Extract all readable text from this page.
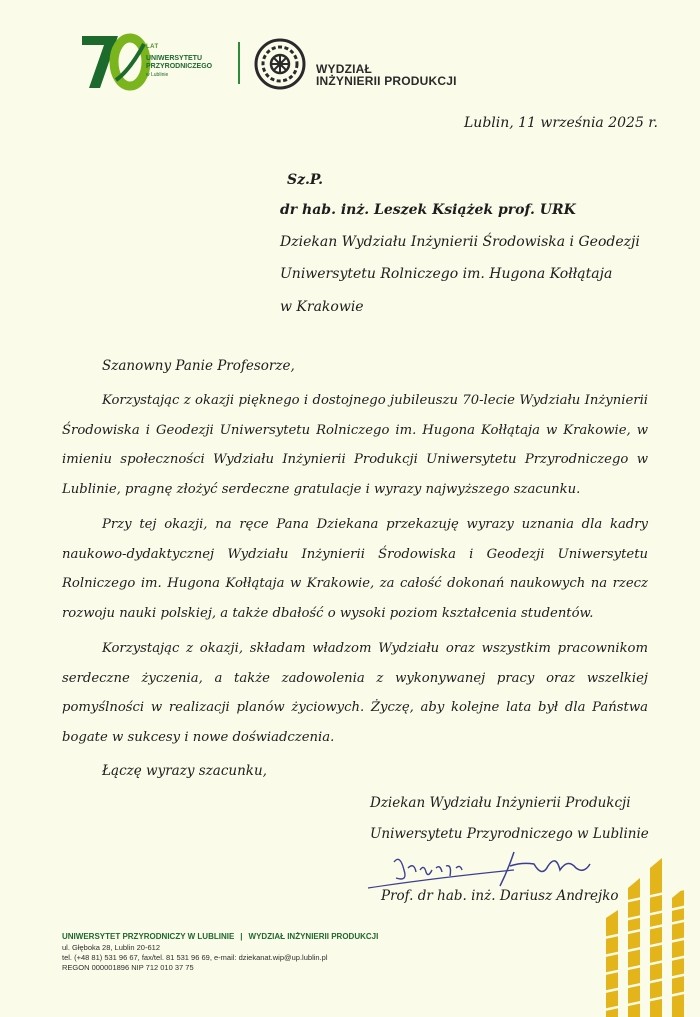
LAT
UNIWERSYTETU
PRZYRODNICZEGO
w Lublinie	WYDZIAŁ
INŻYNIERII PRODUKCJI
Lublin, 11 września 2025 r.
Sz.P.
dr hab. inż. Leszek Książek prof. URK
Dziekan Wydziału Inżynierii Środowiska i Geodezji
Uniwersytetu Rolniczego im. Hugona Kołłątaja
w Krakowie
Szanowny Panie Profesorze,
Korzystając z okazji pięknego i dostojnego jubileuszu 70-lecie Wydziału Inżynierii Środowiska i Geodezji Uniwersytetu Rolniczego im. Hugona Kołłątaja w Krakowie, w imieniu społeczności Wydziału Inżynierii Produkcji Uniwersytetu Przyrodniczego w Lublinie, pragnę złożyć serdeczne gratulacje i wyrazy najwyższego szacunku.
Przy tej okazji, na ręce Pana Dziekana przekazuję wyrazy uznania dla kadry naukowo-dydaktycznej Wydziału Inżynierii Środowiska i Geodezji Uniwersytetu Rolniczego im. Hugona Kołłątaja w Krakowie, za całość dokonań naukowych na rzecz rozwoju nauki polskiej, a także dbałość o wysoki poziom kształcenia studentów.
Korzystając z okazji, składam władzom Wydziału oraz wszystkim pracownikom serdeczne życzenia, a także zadowolenia z wykonywanej pracy oraz wszelkiej pomyślności w realizacji planów życiowych. Życzę, aby kolejne lata był dla Państwa bogate w sukcesy i nowe doświadczenia.
Łączę wyrazy szacunku,
Dziekan Wydziału Inżynierii Produkcji
Uniwersytetu Przyrodniczego w Lublinie
Prof. dr hab. inż. Dariusz Andrejko
UNIWERSYTET PRZYRODNICZY W LUBLINIE | WYDZIAŁ INŻYNIERII PRODUKCJI
ul. Głęboka 28, Lublin 20-612
tel. (+48 81) 531 96 67, fax/tel. 81 531 96 69, e-mail: dziekanat.wip@up.lublin.pl
REGON 000001896 NIP 712 010 37 75
